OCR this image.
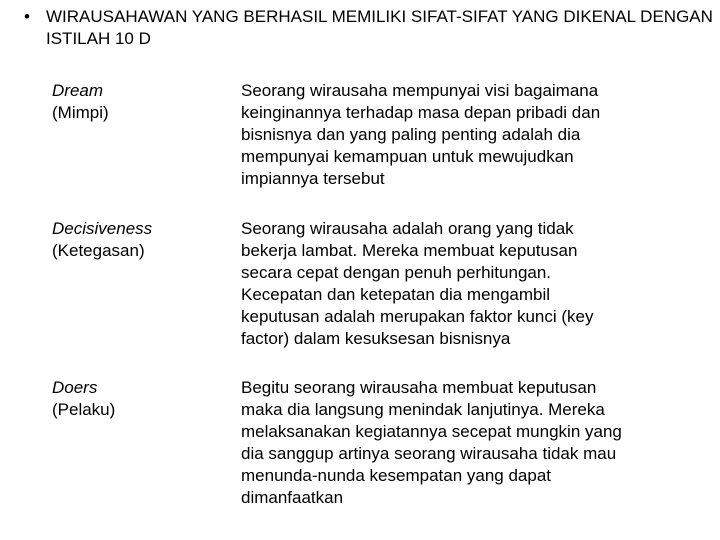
• WIRAUSAHAWAN YANG BERHASIL MEMILIKI SIFAT-SIFAT YANG DIKENAL DENGAN ISTILAH 10 D
Dream
(Mimpi)
Seorang wirausaha mempunyai visi bagaimana
keinginannya terhadap masa depan pribadi dan
bisnisnya dan yang paling penting adalah dia
mempunyai kemampuan untuk mewujudkan
impiannya tersebut
Decisiveness
(Ketegasan)
Seorang wirausaha adalah orang yang tidak
bekerja lambat. Mereka membuat keputusan
secara cepat dengan penuh perhitungan.
Kecepatan dan ketepatan dia mengambil
keputusan adalah merupakan faktor kunci (key
factor) dalam kesuksesan bisnisnya
Doers
(Pelaku)
Begitu seorang wirausaha membuat keputusan
maka dia langsung menindak lanjutinya. Mereka
melaksanakan kegiatannya secepat mungkin yang
dia sanggup artinya seorang wirausaha tidak mau
menunda-nunda kesempatan yang dapat
dimanfaatkan
